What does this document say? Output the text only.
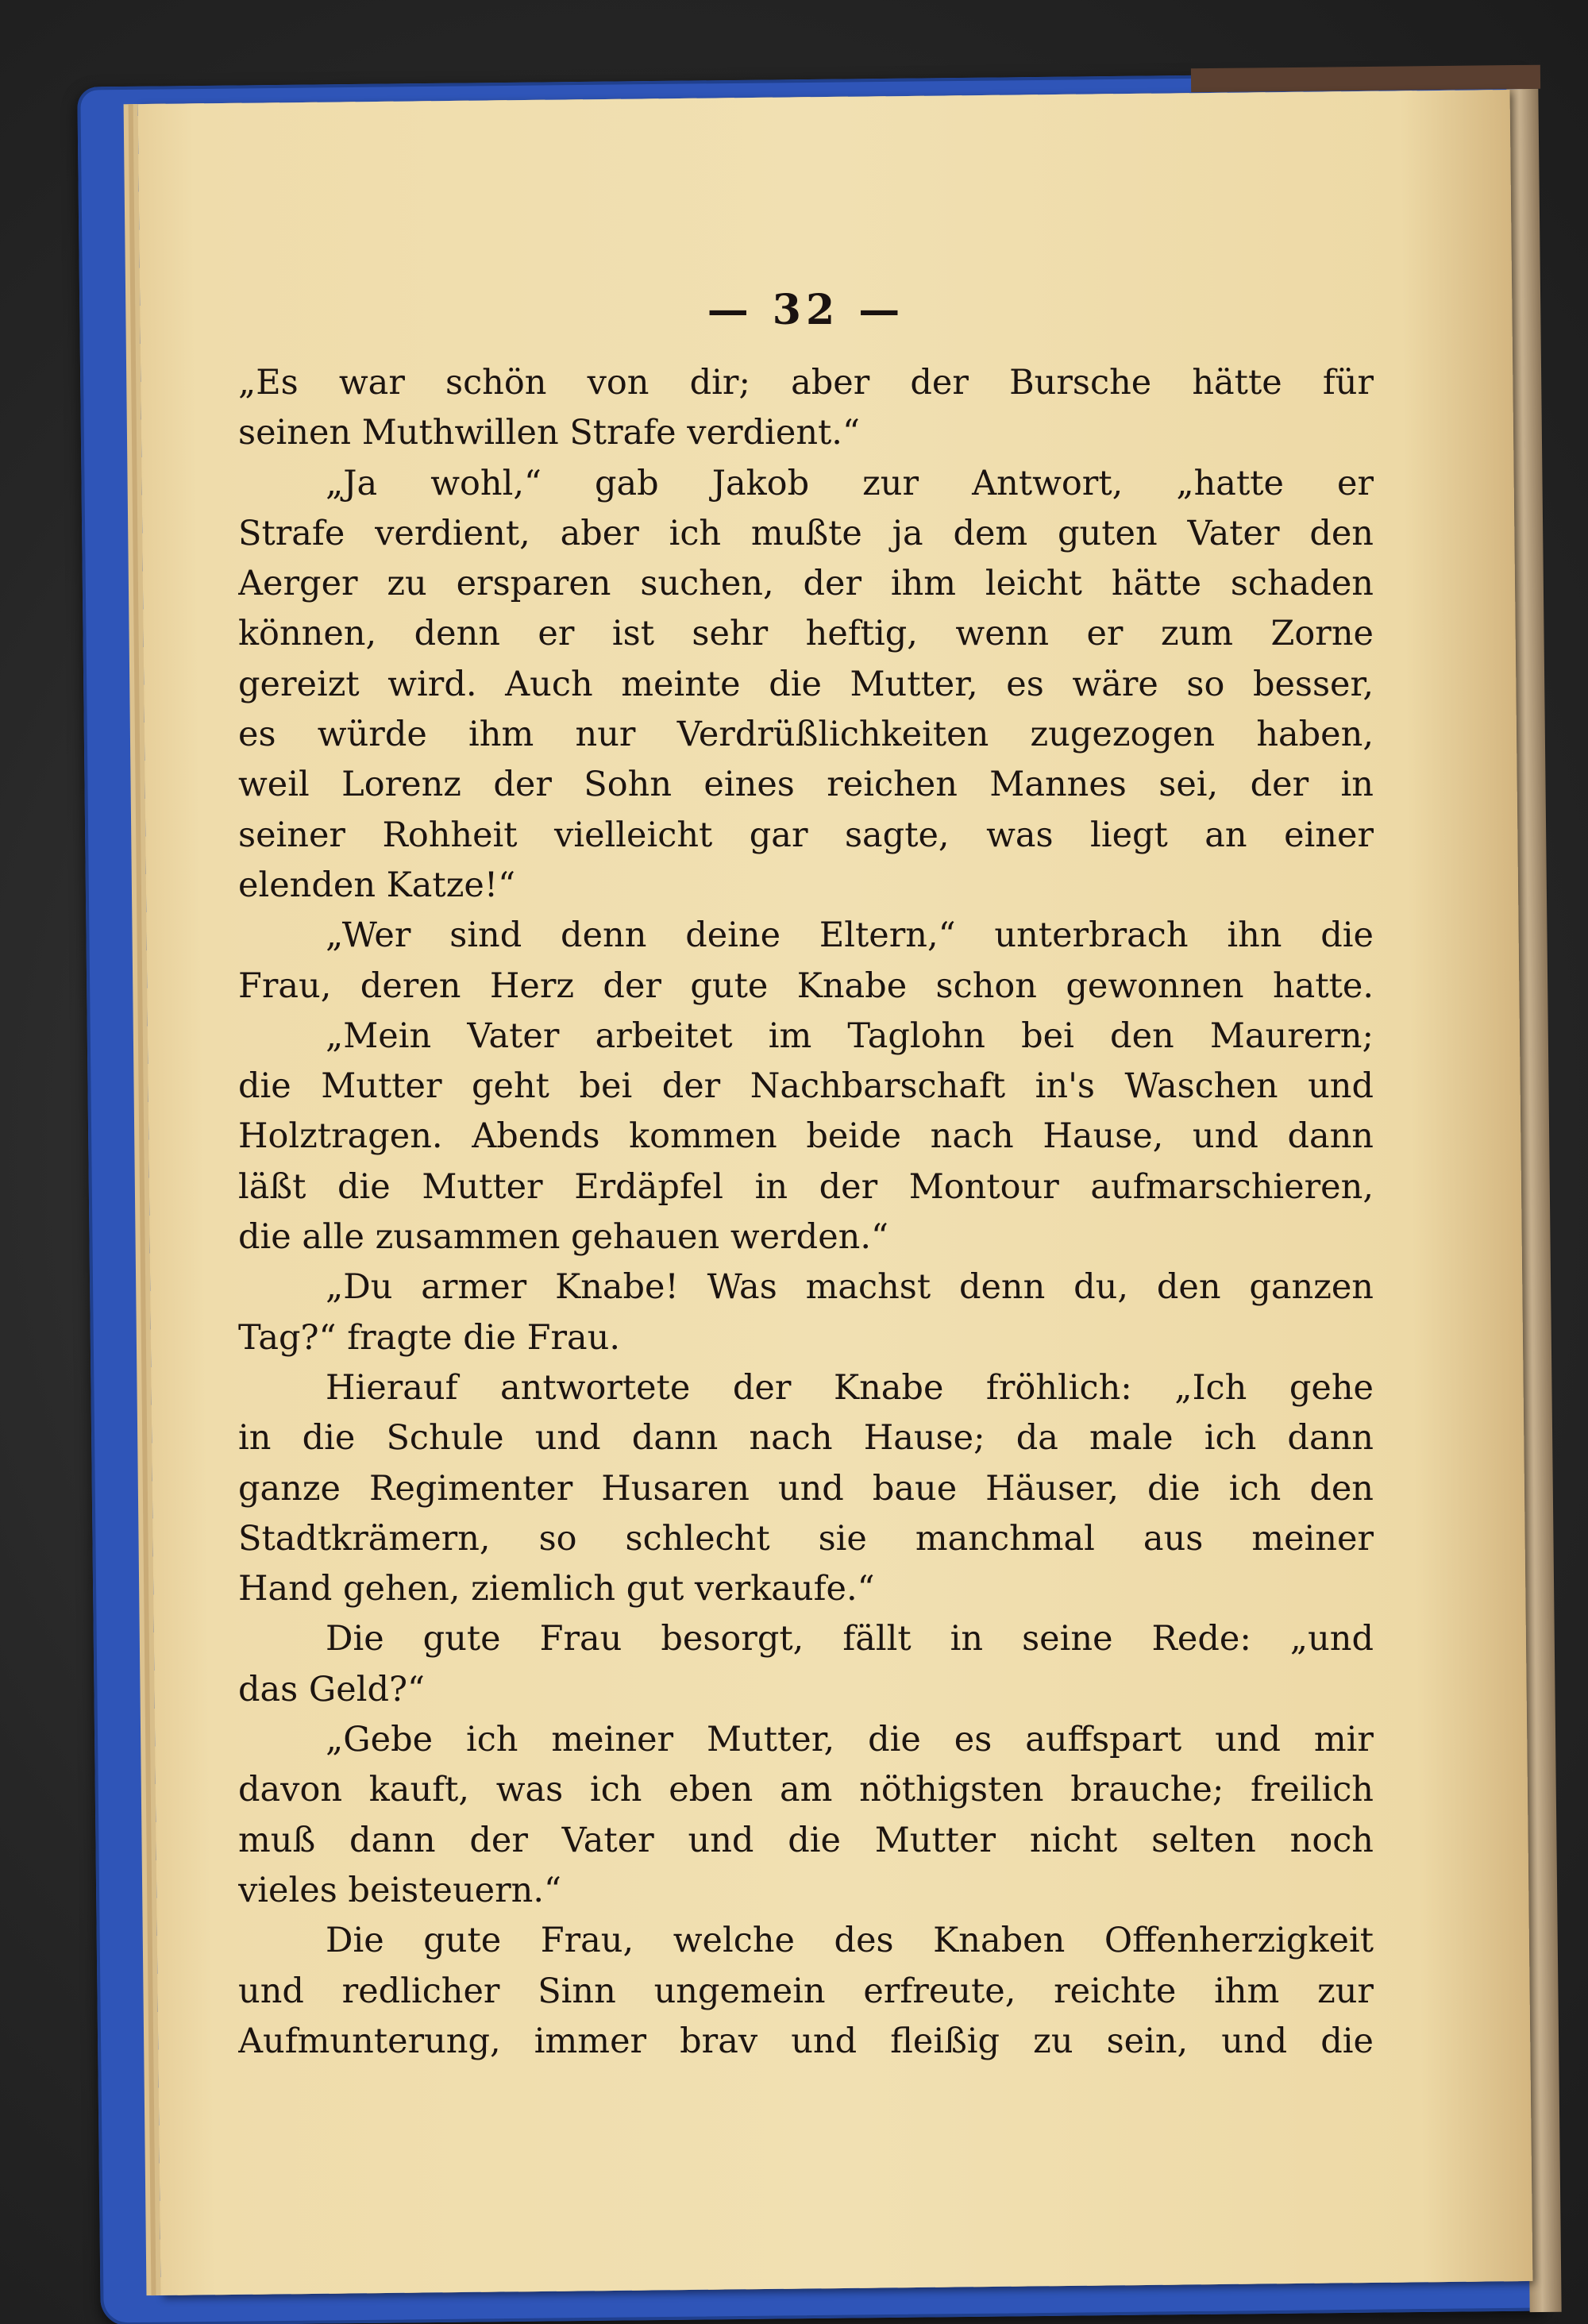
— 32 —
„Es war schön von dir; aber der Bursche hätte für
seinen Muthwillen Strafe verdient.“
„Ja wohl,“ gab Jakob zur Antwort, „hatte er
Strafe verdient, aber ich mußte ja dem guten Vater den
Aerger zu ersparen suchen, der ihm leicht hätte schaden
können, denn er ist sehr heftig, wenn er zum Zorne
gereizt wird. Auch meinte die Mutter, es wäre so besser,
es würde ihm nur Verdrüßlichkeiten zugezogen haben,
weil Lorenz der Sohn eines reichen Mannes sei, der in
seiner Rohheit vielleicht gar sagte, was liegt an einer
elenden Katze!“
„Wer sind denn deine Eltern,“ unterbrach ihn die
Frau, deren Herz der gute Knabe schon gewonnen hatte.
„Mein Vater arbeitet im Taglohn bei den Maurern;
die Mutter geht bei der Nachbarschaft in's Waschen und
Holztragen. Abends kommen beide nach Hause, und dann
läßt die Mutter Erdäpfel in der Montour aufmarschieren,
die alle zusammen gehauen werden.“
„Du armer Knabe! Was machst denn du, den ganzen
Tag?“ fragte die Frau.
Hierauf antwortete der Knabe fröhlich: „Ich gehe
in die Schule und dann nach Hause; da male ich dann
ganze Regimenter Husaren und baue Häuser, die ich den
Stadtkrämern, so schlecht sie manchmal aus meiner
Hand gehen, ziemlich gut verkaufe.“
Die gute Frau besorgt, fällt in seine Rede: „und
das Geld?“
„Gebe ich meiner Mutter, die es auffspart und mir
davon kauft, was ich eben am nöthigsten brauche; freilich
muß dann der Vater und die Mutter nicht selten noch
vieles beisteuern.“
Die gute Frau, welche des Knaben Offenherzigkeit
und redlicher Sinn ungemein erfreute, reichte ihm zur
Aufmunterung, immer brav und fleißig zu sein, und die
